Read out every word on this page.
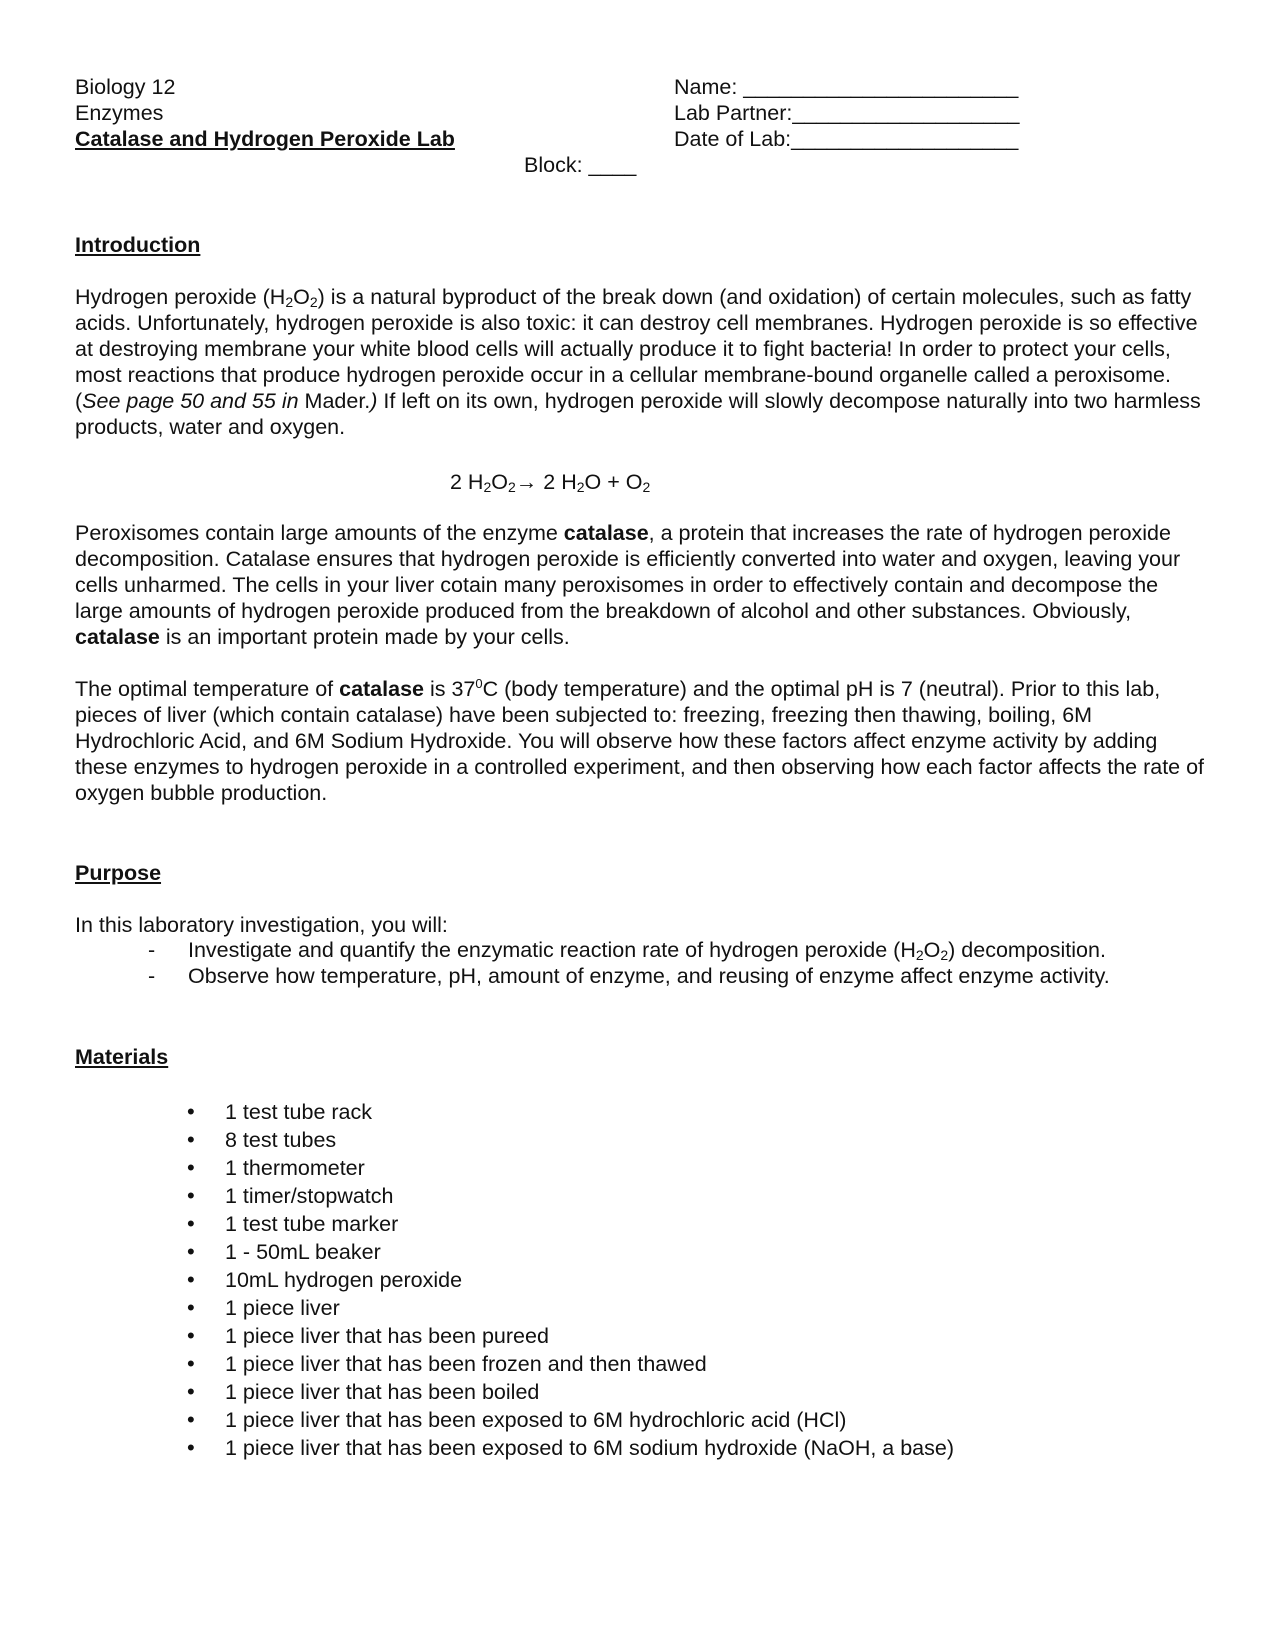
Biology 12
Enzymes
Catalase and Hydrogen Peroxide Lab
Block: ____
Name: _______________________
Lab Partner:___________________
Date of Lab:___________________
Introduction

Hydrogen peroxide $(H_2O_2)$ is a natural byproduct of the break down (and oxidation) of certain molecules, such as fatty acids. Unfortunately, hydrogen peroxide is also toxic: it can destroy cell membranes. Hydrogen peroxide is so effective at destroying membrane your white blood cells will actually produce it to fight bacteria! In order to protect your cells, most reactions that produce hydrogen peroxide occur in a cellular membrane-bound organelle called a peroxisome. (See page 50 and 55 in Mader.) If left on its own, hydrogen peroxide will slowly decompose naturally into two harmless products, water and oxygen.

2 $H_2O_2\to 2$ $H_2O + O_2$

Peroxisomes contain large amounts of the enzyme catalase, a protein that increases the rate of hydrogen peroxide decomposition. Catalase ensures that hydrogen peroxide is efficiently converted into water and oxygen, leaving your cells unharmed. The cells in your liver cotain many peroxisomes in order to effectively contain and decompose the large amounts of hydrogen peroxide produced from the breakdown of alcohol and other substances. Obviously, catalase is an important protein made by your cells.

The optimal temperature of catalase is $37^0C$ (body temperature) and the optimal pH is 7 (neutral). Prior to this lab, pieces of liver (which contain catalase) have been subjected to: freezing, freezing then thawing, boiling, 6M Hydrochloric Acid, and 6M Sodium Hydroxide. You will observe how these factors affect enzyme activity by adding these enzymes to hydrogen peroxide in a controlled experiment, and then observing how each factor affects the rate of oxygen bubble production.

Purpose
In this laboratory investigation, you will:
- Investigate and quantify the enzymatic reaction rate of hydrogen peroxide $(H_2O_2)$ decomposition.
- Observe how temperature, pH, amount of enzyme, and reusing of enzyme affect enzyme activity.
Materials
• 1 test tube rack
• 8 test tubes
• 1 thermometer
• 1 timer/stopwatch
• 1 test tube marker
• 1 - 50mL beaker
• 10mL hydrogen peroxide
• 1 piece liver
• 1 piece liver that has been pureed
• 1 piece liver that has been frozen and then thawed
• 1 piece liver that has been boiled
• 1 piece liver that has been exposed to 6M hydrochloric acid (HCl)
• 1 piece liver that has been exposed to 6M sodium hydroxide (NaOH, a base)
